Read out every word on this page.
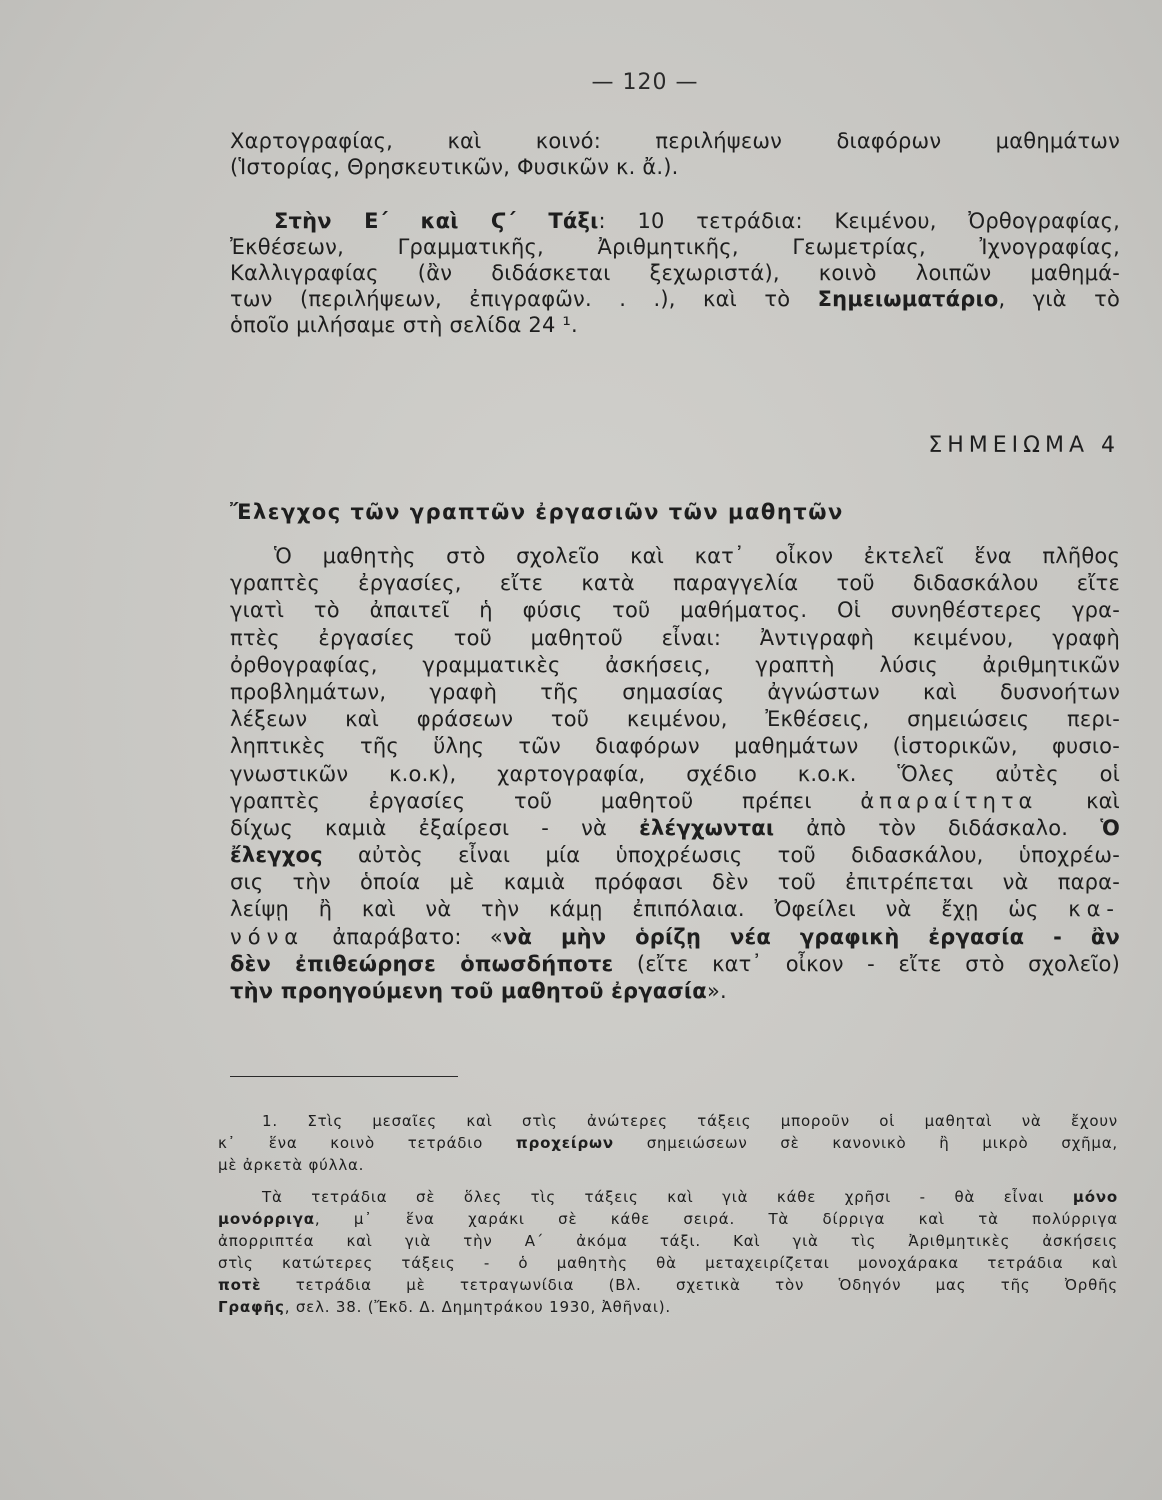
— 120 —
Χαρτογραφίας, καὶ κοινό: περιλήψεων διαφόρων μαθημάτων
(Ἱστορίας, Θρησκευτικῶν, Φυσικῶν κ. ἄ.).
Στὴν Ε΄ καὶ Ϛ΄ Τάξι: 10 τετράδια: Κειμένου, Ὀρθογραφίας,
Ἐκθέσεων, Γραμματικῆς, Ἀριθμητικῆς, Γεωμετρίας, Ἰχνογραφίας,
Καλλιγραφίας (ἂν διδάσκεται ξεχωριστά), κοινὸ λοιπῶν μαθημά-
των (περιλήψεων, ἐπιγραφῶν. . .), καὶ τὸ Σημειωματάριο, γιὰ τὸ
ὁποῖο μιλήσαμε στὴ σελίδα 24 ¹.
ΣΗΜΕΙΩΜΑ 4
Ἔλεγχος τῶν γραπτῶν ἐργασιῶν τῶν μαθητῶν
Ὁ μαθητὴς στὸ σχολεῖο καὶ κατ᾽ οἶκον ἐκτελεῖ ἕνα πλῆθος
γραπτὲς ἐργασίες, εἴτε κατὰ παραγγελία τοῦ διδασκάλου εἴτε
γιατὶ τὸ ἀπαιτεῖ ἡ φύσις τοῦ μαθήματος. Οἱ συνηθέστερες γρα-
πτὲς ἐργασίες τοῦ μαθητοῦ εἶναι: Ἀντιγραφὴ κειμένου, γραφὴ
ὀρθογραφίας, γραμματικὲς ἀσκήσεις, γραπτὴ λύσις ἀριθμητικῶν
προβλημάτων, γραφὴ τῆς σημασίας ἀγνώστων καὶ δυσνοήτων
λέξεων καὶ φράσεων τοῦ κειμένου, Ἐκθέσεις, σημειώσεις περι-
ληπτικὲς τῆς ὕλης τῶν διαφόρων μαθημάτων (ἱστορικῶν, φυσιο-
γνωστικῶν κ.ο.κ), χαρτογραφία, σχέδιο κ.ο.κ. Ὅλες αὐτὲς οἱ
γραπτὲς ἐργασίες τοῦ μαθητοῦ πρέπει ἀπαραίτητα καὶ
δίχως καμιὰ ἐξαίρεσι - νὰ ἐλέγχωνται ἀπὸ τὸν διδάσκαλο. Ὁ
ἔλεγχος αὐτὸς εἶναι μία ὑποχρέωσις τοῦ διδασκάλου, ὑποχρέω-
σις τὴν ὁποία μὲ καμιὰ πρόφασι δὲν τοῦ ἐπιτρέπεται νὰ παρα-
λείψῃ ἢ καὶ νὰ τὴν κάμῃ ἐπιπόλαια. Ὀφείλει νὰ ἔχῃ ὡς κα-
νόνα ἀπαράβατο: «νὰ μὴν ὁρίζῃ νέα γραφικὴ ἐργασία - ἂν
δὲν ἐπιθεώρησε ὁπωσδήποτε (εἴτε κατ᾽ οἶκον - εἴτε στὸ σχολεῖο)
τὴν προηγούμενη τοῦ μαθητοῦ ἐργασία».
1. Στὶς μεσαῖες καὶ στὶς ἀνώτερες τάξεις μποροῦν οἱ μαθηταὶ νὰ ἔχουν
κ᾽ ἕνα κοινὸ τετράδιο προχείρων σημειώσεων σὲ κανονικὸ ἢ μικρὸ σχῆμα,
μὲ ἀρκετὰ φύλλα.
Τὰ τετράδια σὲ ὅλες τὶς τάξεις καὶ γιὰ κάθε χρῆσι - θὰ εἶναι μόνο
μονόρριγα, μ᾽ ἕνα χαράκι σὲ κάθε σειρά. Τὰ δίρριγα καὶ τὰ πολύρριγα
ἀπορριπτέα καὶ γιὰ τὴν Α΄ ἀκόμα τάξι. Καὶ γιὰ τὶς Ἀριθμητικὲς ἀσκήσεις
στὶς κατώτερες τάξεις - ὁ μαθητὴς θὰ μεταχειρίζεται μονοχάρακα τετράδια καὶ
ποτὲ τετράδια μὲ τετραγωνίδια (Βλ. σχετικὰ τὸν Ὁδηγόν μας τῆς Ὀρθῆς
Γραφῆς, σελ. 38. (Ἔκδ. Δ. Δημητράκου 1930, Ἀθῆναι).
